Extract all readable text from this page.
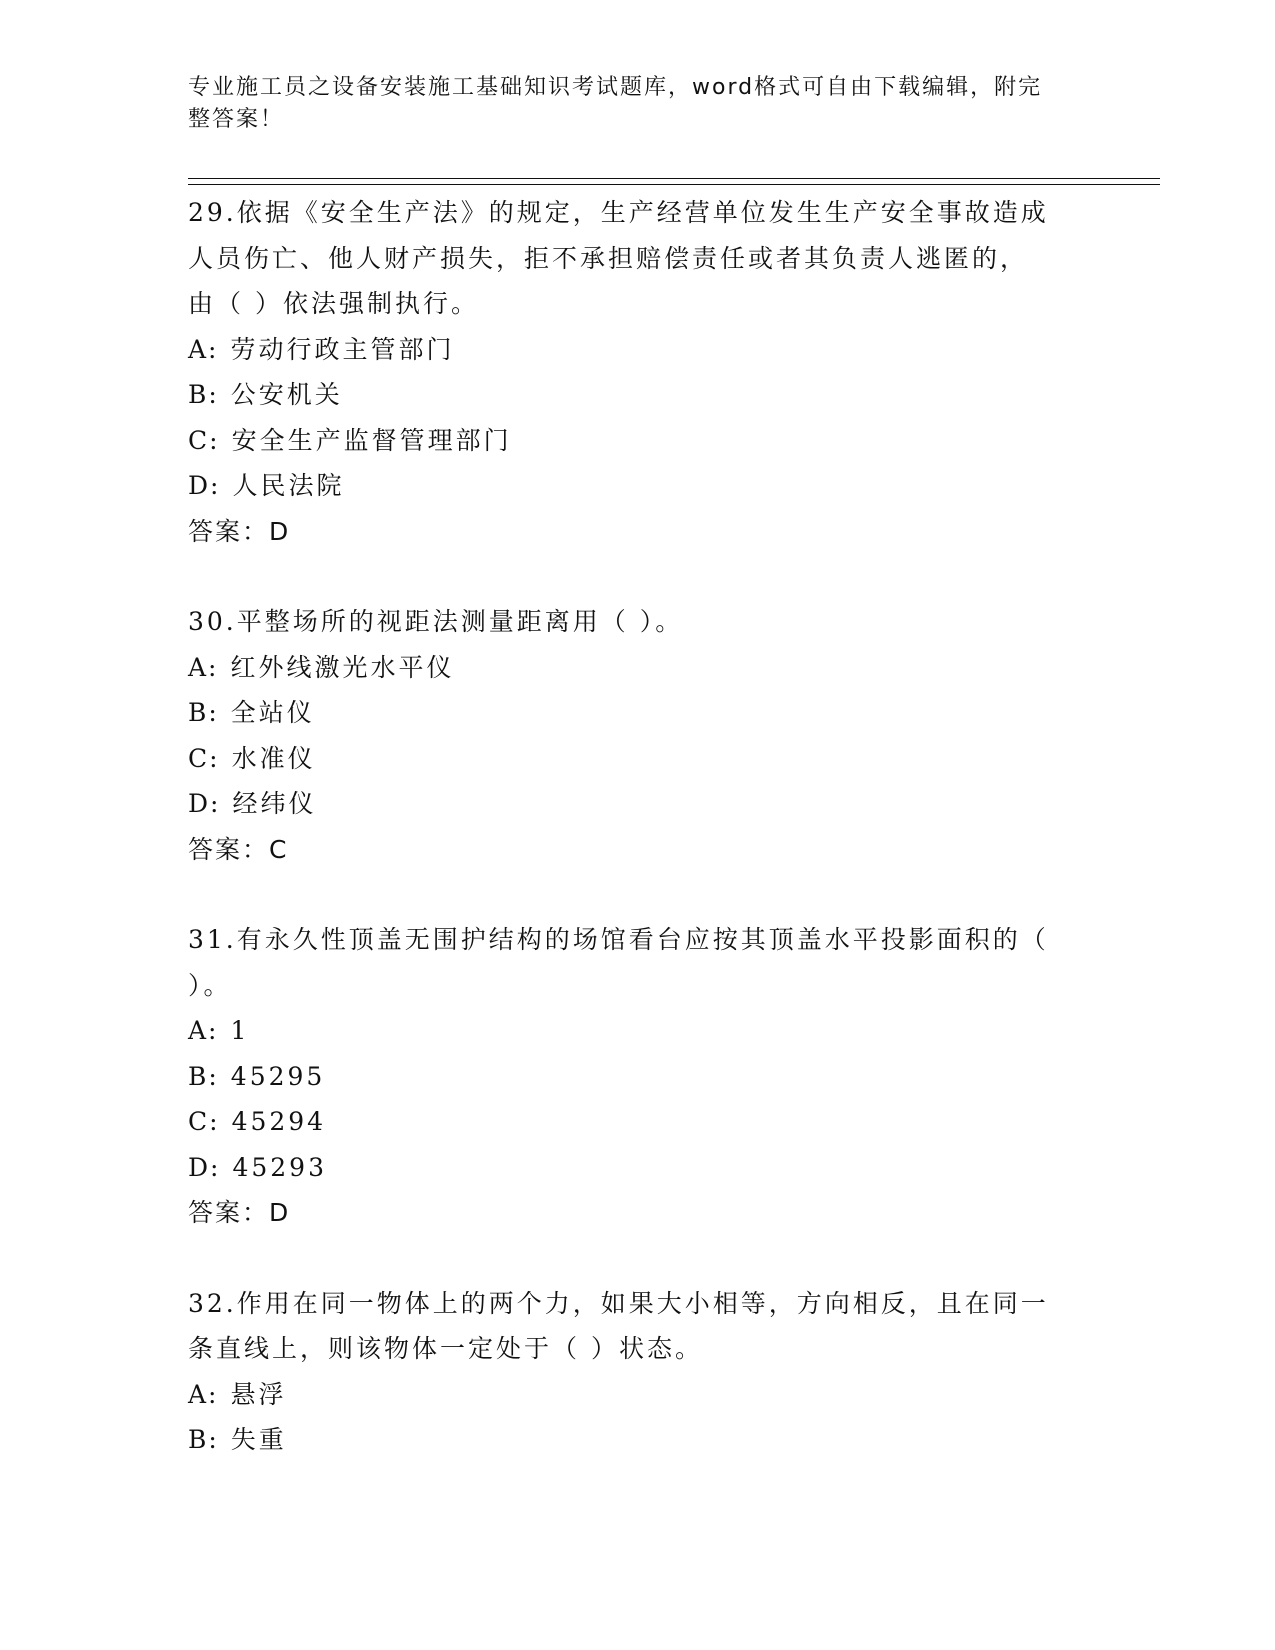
专业施工员之设备安装施工基础知识考试题库，word格式可自由下载编辑，附完
整答案！
29.依据《安全生产法》的规定，生产经营单位发生生产安全事故造成
人员伤亡、他人财产损失，拒不承担赔偿责任或者其负责人逃匿的，
由（ ）依法强制执行。
A: 劳动行政主管部门
B: 公安机关
C: 安全生产监督管理部门
D: 人民法院
答案：D
30.平整场所的视距法测量距离用（ ）。
A: 红外线激光水平仪
B: 全站仪
C: 水准仪
D: 经纬仪
答案：C
31.有永久性顶盖无围护结构的场馆看台应按其顶盖水平投影面积的（
）。
A: 1
B: 45295
C: 45294
D: 45293
答案：D
32.作用在同一物体上的两个力，如果大小相等，方向相反，且在同一
条直线上，则该物体一定处于（ ）状态。
A: 悬浮
B: 失重
